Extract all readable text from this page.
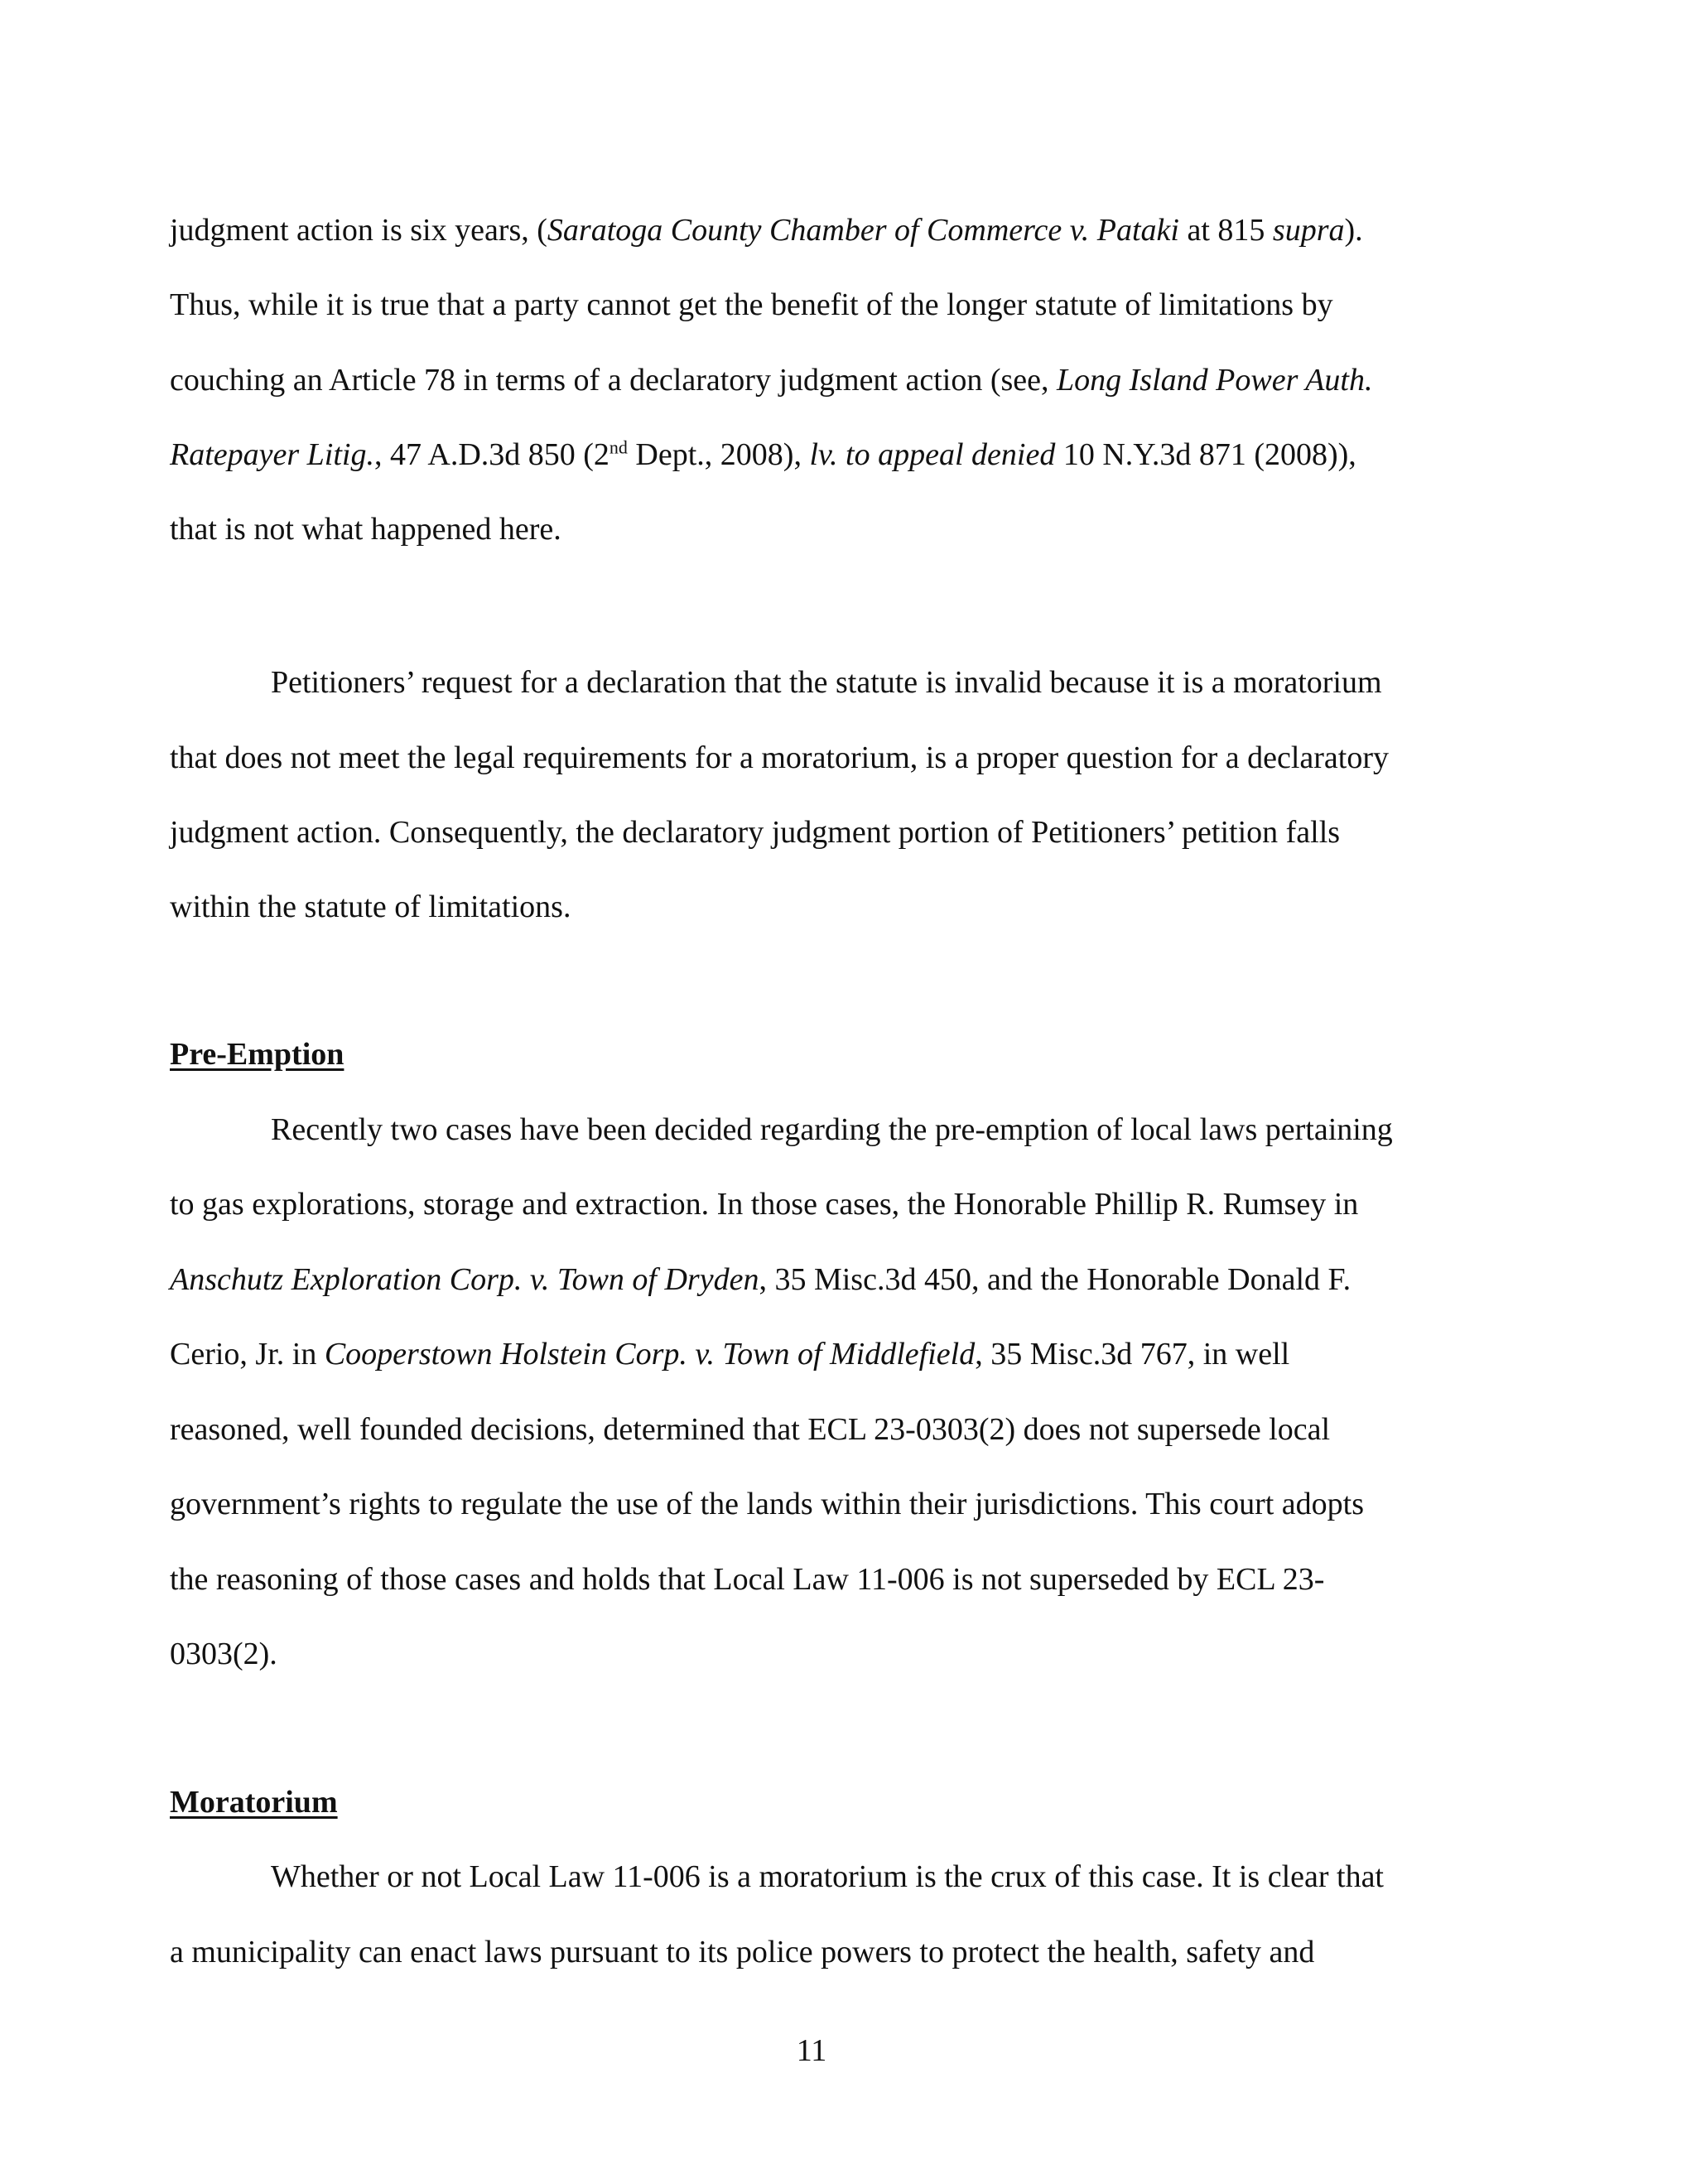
judgment action is six years, (Saratoga County Chamber of Commerce v. Pataki at 815 supra).
Thus, while it is true that a party cannot get the benefit of the longer statute of limitations by
couching an Article 78 in terms of a declaratory judgment action (see, Long Island Power Auth.
Ratepayer Litig., 47 A.D.3d 850 (2nd Dept., 2008), lv. to appeal denied 10 N.Y.3d 871 (2008)),
that is not what happened here.
Petitioners’ request for a declaration that the statute is invalid because it is a moratorium
that does not meet the legal requirements for a moratorium, is a proper question for a declaratory
judgment action. Consequently, the declaratory judgment portion of Petitioners’ petition falls
within the statute of limitations.
Pre-Emption
Recently two cases have been decided regarding the pre-emption of local laws pertaining
to gas explorations, storage and extraction. In those cases, the Honorable Phillip R. Rumsey in
Anschutz Exploration Corp. v. Town of Dryden, 35 Misc.3d 450, and the Honorable Donald F.
Cerio, Jr. in Cooperstown Holstein Corp. v. Town of Middlefield, 35 Misc.3d 767, in well
reasoned, well founded decisions, determined that ECL 23-0303(2) does not supersede local
government’s rights to regulate the use of the lands within their jurisdictions. This court adopts
the reasoning of those cases and holds that Local Law 11-006 is not superseded by ECL 23-
0303(2).
Moratorium
Whether or not Local Law 11-006 is a moratorium is the crux of this case. It is clear that
a municipality can enact laws pursuant to its police powers to protect the health, safety and
11
